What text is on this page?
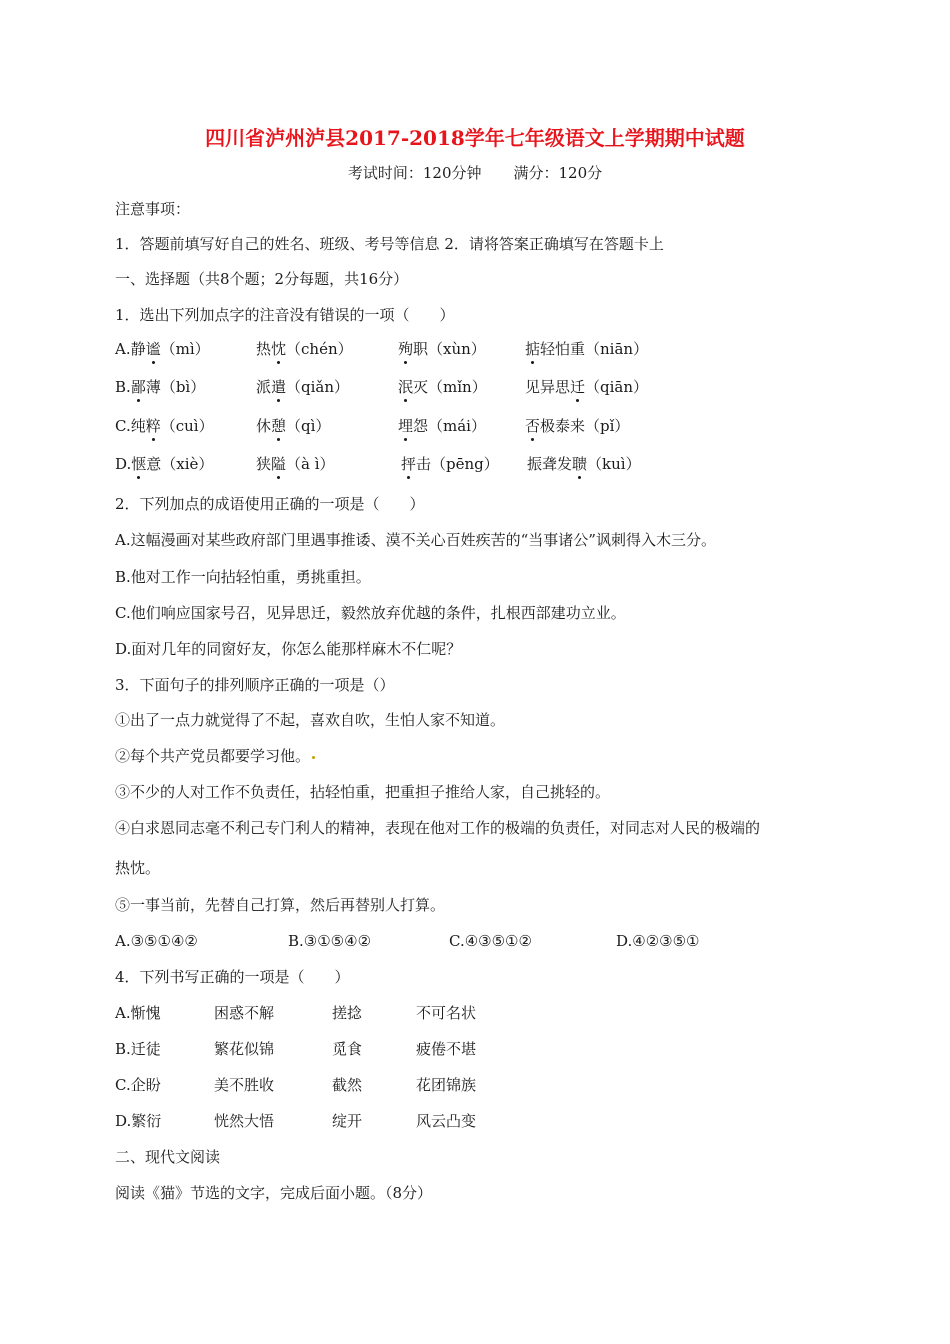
四川省泸州泸县2017-2018学年七年级语文上学期期中试题
考试时间：120分钟 满分：120分
注意事项：
1．答题前填写好自己的姓名、班级、考号等信息 2．请将答案正确填写在答题卡上
一、选择题（共8个题；2分每题，共16分）
1．选出下列加点字的注音没有错误的一项（　　）
A.静谧（mì）	热忱（chén）	殉职（xùn）	掂轻怕重（niān）
B.鄙薄（bì）	派遣（qiǎn）	泯灭（mǐn）	见异思迁（qiān）
C.纯粹（cuì）	休憩（qì）	埋怨（mái）	否极泰来（pǐ）
D.惬意（xiè）	狭隘（à ì）	抨击（pēng） 振聋发聩（kuì）
2．下列加点的成语使用正确的一项是（　　）
A.这幅漫画对某些政府部门里遇事推诿、漠不关心百姓疾苦的“当事诸公”讽刺得入木三分。
B.他对工作一向拈轻怕重，勇挑重担。
C.他们响应国家号召，见异思迁，毅然放弃优越的条件，扎根西部建功立业。
D.面对几年的同窗好友，你怎么能那样麻木不仁呢？
3．下面句子的排列顺序正确的一项是（）
①出了一点力就觉得了不起，喜欢自吹，生怕人家不知道。
②每个共产党员都要学习他。
③不少的人对工作不负责任，拈轻怕重，把重担子推给人家，自己挑轻的。
④白求恩同志毫不利己专门利人的精神，表现在他对工作的极端的负责任，对同志对人民的极端的
热忱。
⑤一事当前，先替自己打算，然后再替别人打算。
A.③⑤①④②	B.③①⑤④②	C.④③⑤①②	D.④②③⑤①
4．下列书写正确的一项是（　　）
A.惭愧	困惑不解	搓捻	不可名状
B.迁徒	繁花似锦	觅食	疲倦不堪
C.企盼	美不胜收	截然	花团锦族
D.繁衍	恍然大悟	绽开	风云凸变
二、现代文阅读
阅读《猫》节选的文字，完成后面小题。（8分）
